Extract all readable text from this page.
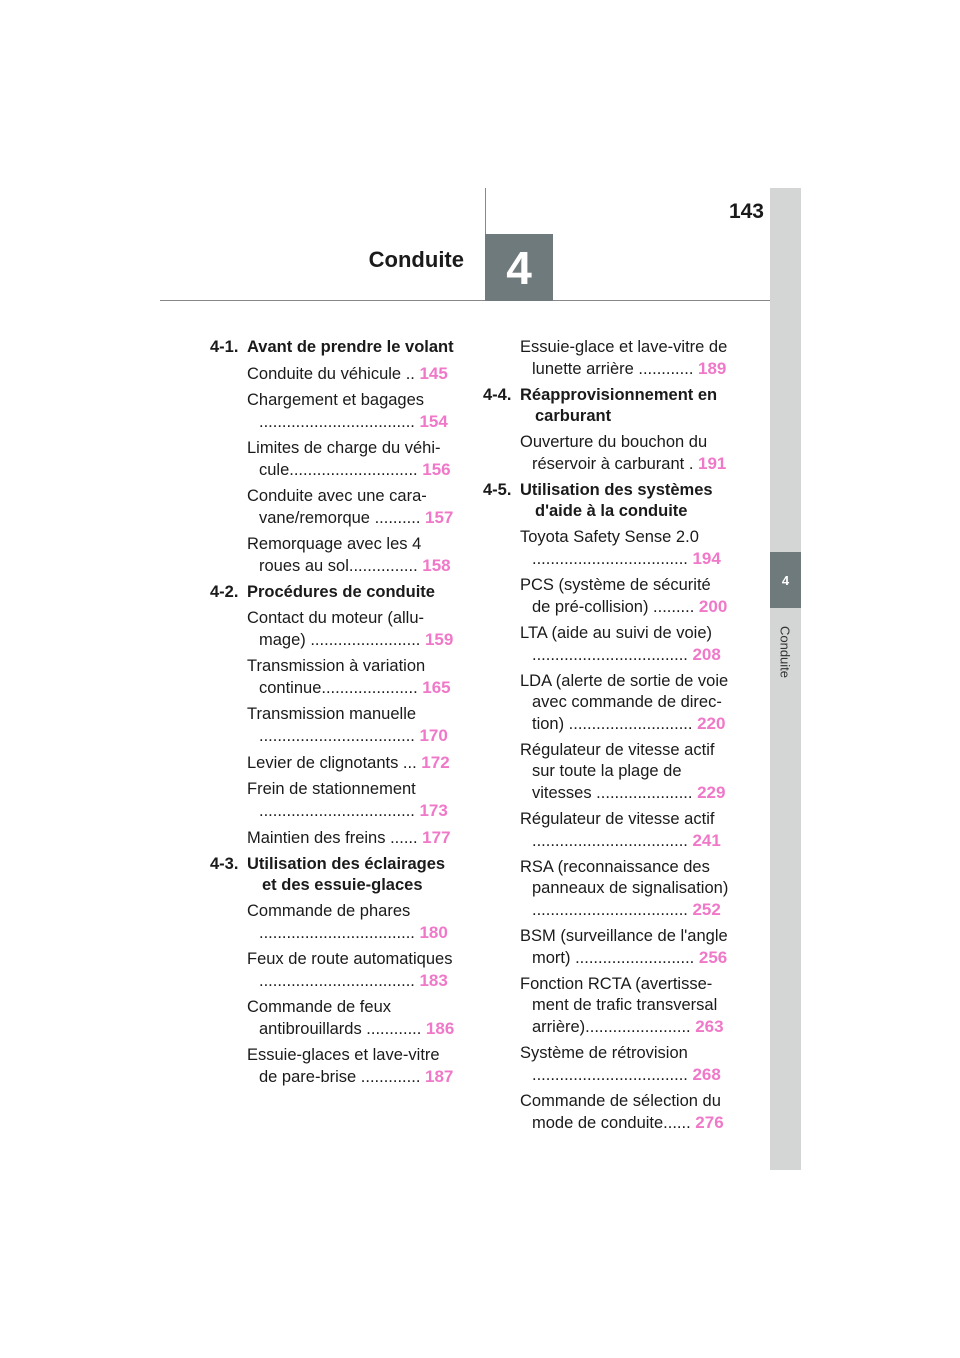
143
Conduite 4
4
Conduite
4-1. Avant de prendre le volant
Conduite du véhicule .. 145
Chargement et bagages
.................................. 154
Limites de charge du véhi-
cule............................ 156
Conduite avec une cara-
vane/remorque .......... 157
Remorquage avec les 4
roues au sol............... 158
4-2. Procédures de conduite
Contact du moteur (allu-
mage) ........................ 159
Transmission à variation
continue..................... 165
Transmission manuelle
.................................. 170
Levier de clignotants ... 172
Frein de stationnement
.................................. 173
Maintien des freins ...... 177
4-3. Utilisation des éclairages et des essuie-glaces
Commande de phares
.................................. 180
Feux de route automatiques
.................................. 183
Commande de feux
antibrouillards ............ 186
Essuie-glaces et lave-vitre
de pare-brise ............. 187
Essuie-glace et lave-vitre de
lunette arrière ............ 189
4-4. Réapprovisionnement en carburant
Ouverture du bouchon du
réservoir à carburant . 191
4-5. Utilisation des systèmes d'aide à la conduite
Toyota Safety Sense 2.0
.................................. 194
PCS (système de sécurité
de pré-collision) ......... 200
LTA (aide au suivi de voie)
.................................. 208
LDA (alerte de sortie de voie
avec commande de direc-
tion) ........................... 220
Régulateur de vitesse actif
sur toute la plage de
vitesses ..................... 229
Régulateur de vitesse actif
.................................. 241
RSA (reconnaissance des
panneaux de signalisation)
.................................. 252
BSM (surveillance de l'angle
mort) .......................... 256
Fonction RCTA (avertisse-
ment de trafic transversal
arrière)....................... 263
Système de rétrovision
.................................. 268
Commande de sélection du
mode de conduite...... 276
